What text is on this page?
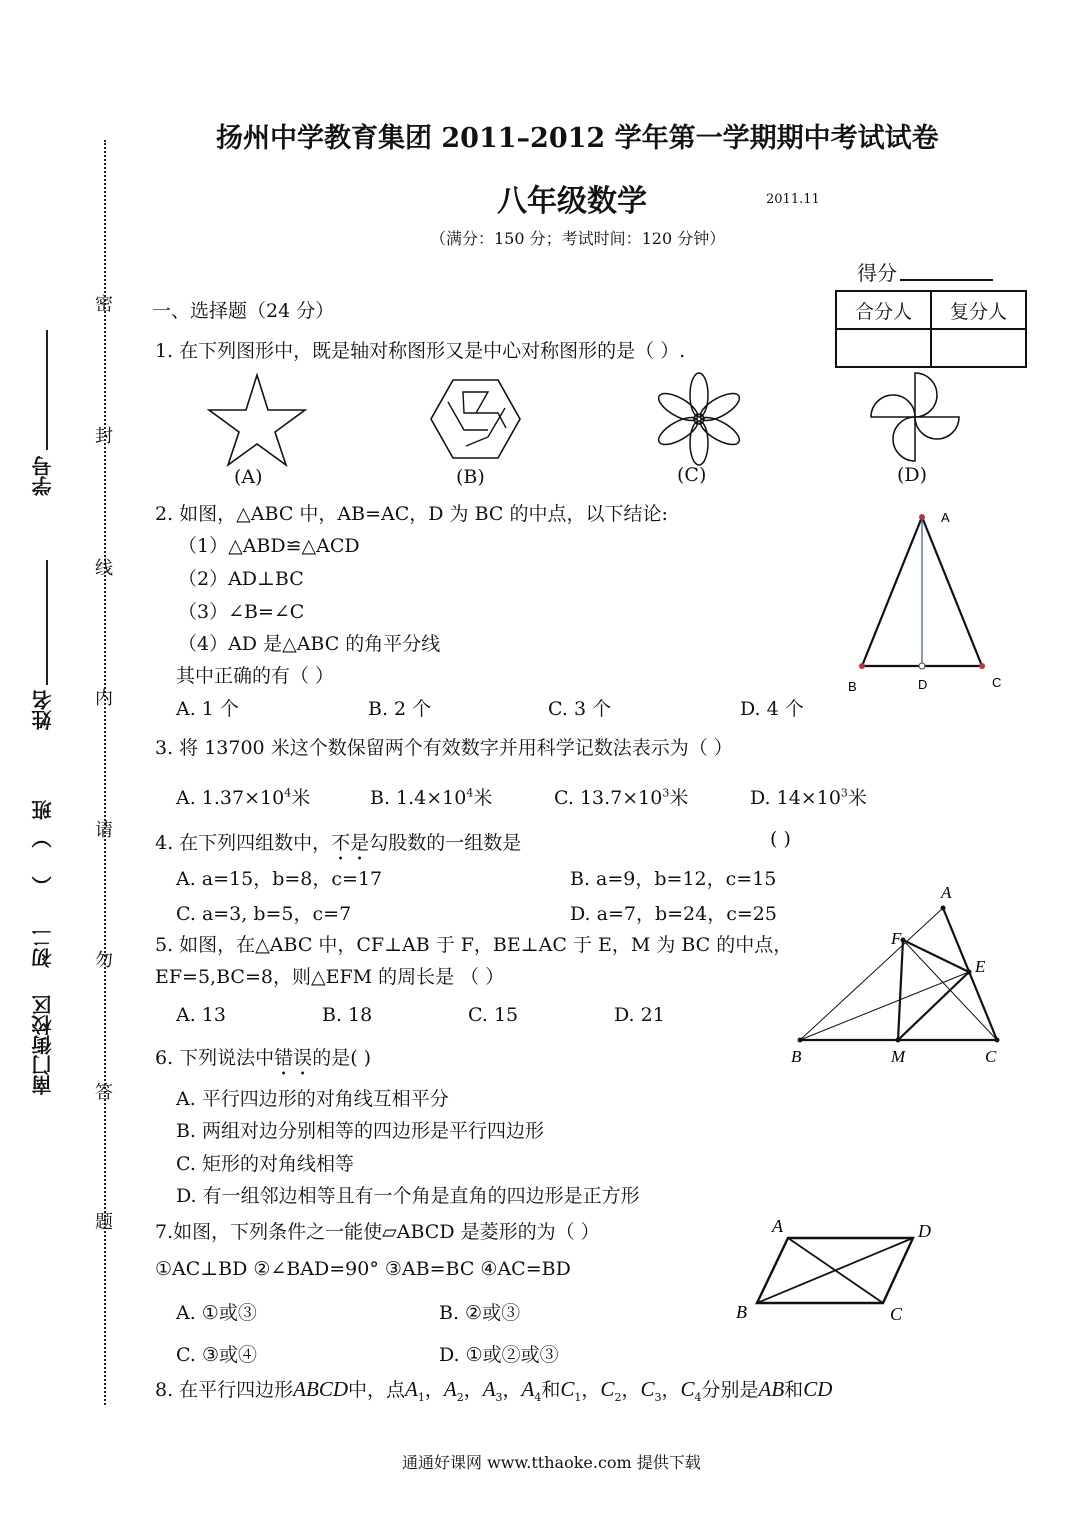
密
封
线
内
请
勿
答
题
学号
姓名
班
）
（
初二
南门街校区
扬州中学教育集团 2011–2012 学年第一学期期中考试试卷
八年级数学	2011.11
（满分：150 分；考试时间：120 分钟）
得分
合分人	复分人

一、选择题（24 分）
1. 在下列图形中，既是轴对称图形又是中心对称图形的是（ ）.
(A)	(B)	(C)	(D)
2. 如图，△ABC 中，AB=AC，D 为 BC 的中点，以下结论:
（1）△ABD≌△ACD
（2）AD⊥BC
（3）∠B=∠C
（4）AD 是△ABC 的角平分线
其中正确的有（ ）
A. 1 个	B. 2 个	C. 3 个	D. 4 个
A
B	D	C
3. 将 13700 米这个数保留两个有效数字并用科学记数法表示为（ ）
A. $1.37\times 10^4$米	B. $1.4\times 10^4$米	C. $13.7\times 10^3$米	D. $14\times 10^3$米
4. 在下列四组数中，不是勾股数的一组数是	( )
A. a=15，b=8，c=17	B. a=9，b=12，c=15
C. a=3, b=5，c=7	D. a=7，b=24，c=25
5. 如图，在△ABC 中，CF⊥AB 于 F，BE⊥AC 于 E，M 为 BC 的中点，
EF=5,BC=8，则△EFM 的周长是 （ ）
A. 13	B. 18	C. 15	D. 21
A
F
E
B	M	C
6. 下列说法中错误的是( )
A. 平行四边形的对角线互相平分
B. 两组对边分别相等的四边形是平行四边形
C. 矩形的对角线相等
D. 有一组邻边相等且有一个角是直角的四边形是正方形
7.如图，下列条件之一能使▱ABCD 是菱形的为（ ）
①AC⊥BD ②∠BAD=90° ③AB=BC ④AC=BD
A. ①或③	B. ②或③
C. ③或④	D. ①或②或③
A	D
B	C
8. 在平行四边形ABCD中，点$A_1$，$A_2$，$A_3$，$A_4$和$C_1$，$C_2$，$C_3$，$C_4$分别是AB和CD
通通好课网 www.tthaoke.com 提供下载
